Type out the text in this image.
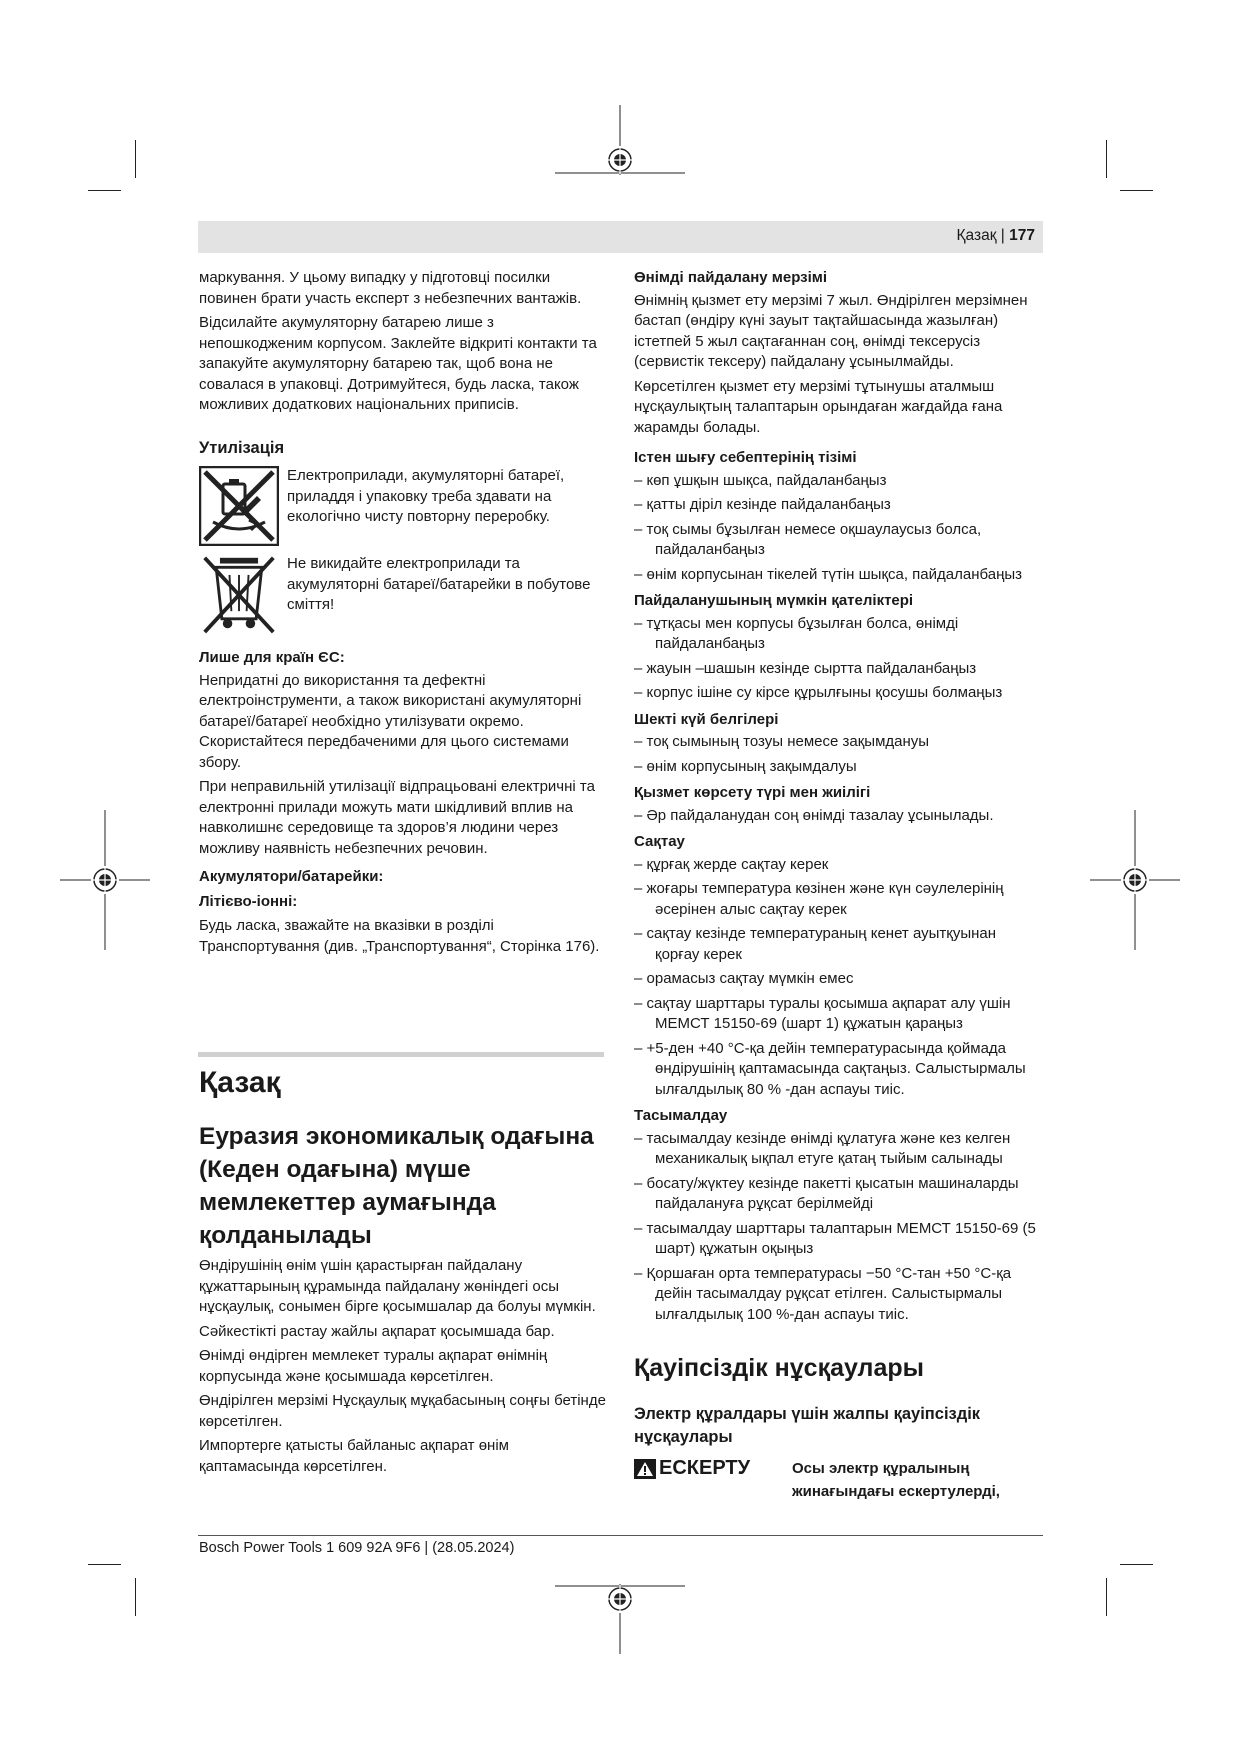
Қазақ | 177

маркування. У цьому випадку у підготовці посилки повинен брати участь експерт з небезпечних вантажів.

Відсилайте акумуляторну батарею лише з непошкодженим корпусом. Заклейте відкриті контакти та запакуйте акумуляторну батарею так, щоб вона не совалася в упаковці. Дотримуйтеся, будь ласка, також можливих додаткових національних приписів.

Утилізація
Електроприлади, акумуляторні батареї, приладдя і упаковку треба здавати на екологічно чисту повторну переробку.
Не викидайте електроприлади та акумуляторні батареї/батарейки в побутове сміття!
Лише для країн ЄС:

Непридатні до використання та дефектні електроінструменти, а також використані акумуляторні батареї/батареї необхідно утилізувати окремо. Скористайтеся передбаченими для цього системами збору.

При неправильній утилізації відпрацьовані електричні та електронні прилади можуть мати шкідливий вплив на навколишнє середовище та здоров’я людини через можливу наявність небезпечних речовин.

Акумулятори/батарейки:
Літієво-іонні:

Будь ласка, зважайте на вказівки в розділі Транспортування (див. „Транспортування“, Сторінка 176).

Қазақ
Еуразия экономикалық одағына (Кеден одағына) мүше мемлекеттер аумағында қолданылады

Өндірушінің өнім үшін қарастырған пайдалану құжаттарының құрамында пайдалану жөніндегі осы нұсқаулық, сонымен бірге қосымшалар да болуы мүмкін.

Сәйкестікті растау жайлы ақпарат қосымшада бар.

Өнімді өндірген мемлекет туралы ақпарат өнімнің корпусында және қосымшада көрсетілген.

Өндірілген мерзімі Нұсқаулық мұқабасының соңғы бетінде көрсетілген.

Импортерге қатысты байланыс ақпарат өнім қаптамасында көрсетілген.

Өнімді пайдалану мерзімі

Өнімнің қызмет ету мерзімі 7 жыл. Өндірілген мерзімнен бастап (өндіру күні зауыт тақтайшасында жазылған) істетпей 5 жыл сақтағаннан соң, өнімді тексерусіз (сервистік тексеру) пайдалану ұсынылмайды.

Көрсетілген қызмет ету мерзімі тұтынушы аталмыш нұсқаулықтың талаптарын орындаған жағдайда ғана жарамды болады.

Істен шығу себептерінің тізімі
– көп ұшқын шықса, пайдаланбаңыз
– қатты діріл кезінде пайдаланбаңыз
– тоқ сымы бұзылған немесе оқшаулаусыз болса, пайдаланбаңыз
– өнім корпусынан тікелей түтін шықса, пайдаланбаңыз
Пайдаланушының мүмкін қателіктері
– тұтқасы мен корпусы бұзылған болса, өнімді пайдаланбаңыз
– жауын –шашын кезінде сыртта пайдаланбаңыз
– корпус ішіне су кірсе құрылғыны қосушы болмаңыз
Шекті күй белгілері
– тоқ сымының тозуы немесе зақымдануы
– өнім корпусының зақымдалуы
Қызмет көрсету түрі мен жиілігі
– Әр пайдаланудан соң өнімді тазалау ұсынылады.
Сақтау
– құрғақ жерде сақтау керек
– жоғары температура көзінен және күн сәулелерінің әсерінен алыс сақтау керек
– сақтау кезінде температураның кенет ауытқуынан қорғау керек
– орамасыз сақтау мүмкін емес
– сақтау шарттары туралы қосымша ақпарат алу үшін МЕМСТ 15150-69 (шарт 1) құжатын қараңыз
– +5-ден +40 °C-қа дейін температурасында қоймада өндірушінің қаптамасында сақтаңыз. Салыстырмалы ылғалдылық 80 % -дан аспауы тиіс.
Тасымалдау
– тасымалдау кезінде өнімді құлатуға және кез келген механикалық ықпал етуге қатаң тыйым салынады
– босату/жүктеу кезінде пакетті қысатын машиналарды пайдалануға рұқсат берілмейді
– тасымалдау шарттары талаптарын МЕМСТ 15150-69 (5 шарт) құжатын оқыңыз
– Қоршаған орта температурасы −50 °C-тан +50 °C-қа дейін тасымалдау рұқсат етілген. Салыстырмалы ылғалдылық 100 %-дан аспауы тиіс.
Қауіпсіздік нұсқаулары
Электр құралдары үшін жалпы қауіпсіздік нұсқаулары
ЕСКЕРТУ	Осы электр құралының жинағындағы ескертулерді,
Bosch Power Tools 1 609 92A 9F6 | (28.05.2024)
